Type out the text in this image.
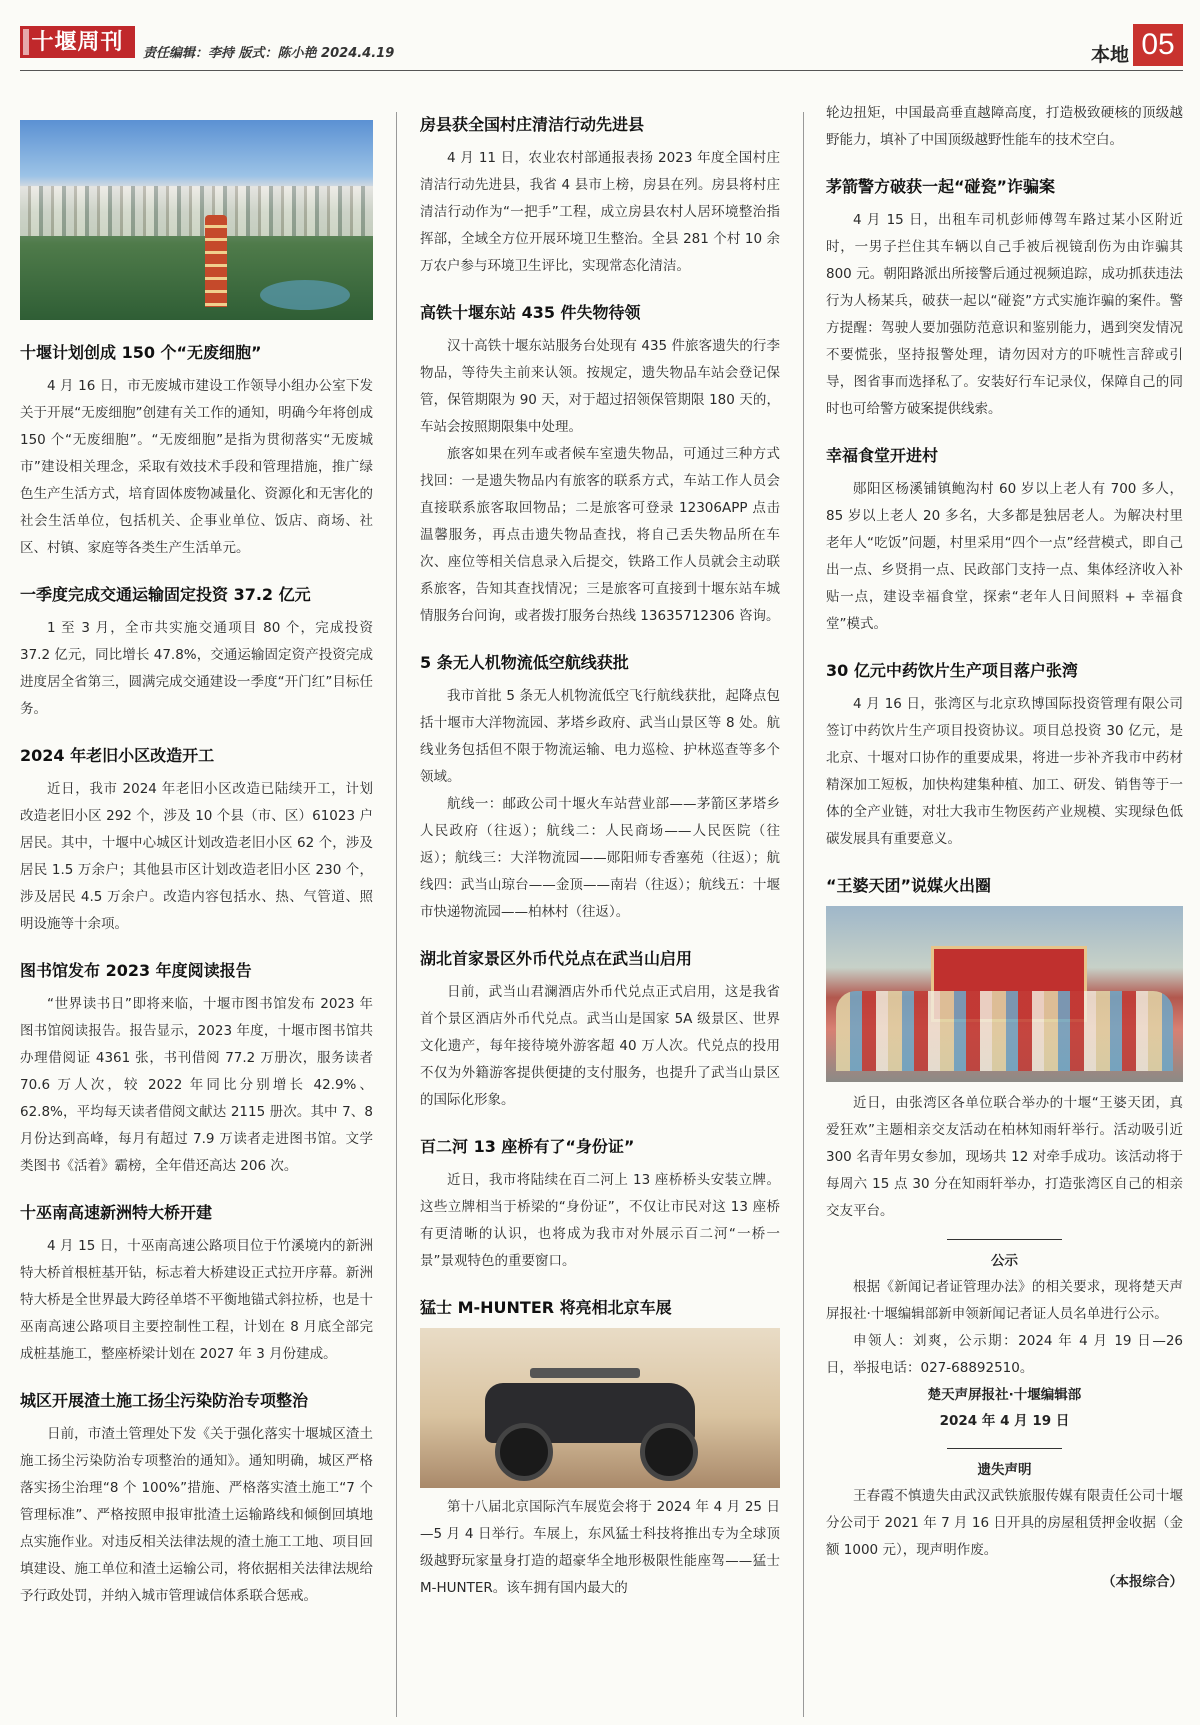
十堰周刊	责任编辑：李持 版式：陈小艳 2024.4.19	本地 05
十堰计划创成 150 个“无废细胞”

4 月 16 日，市无废城市建设工作领导小组办公室下发关于开展“无废细胞”创建有关工作的通知，明确今年将创成 150 个“无废细胞”。“无废细胞”是指为贯彻落实“无废城市”建设相关理念，采取有效技术手段和管理措施，推广绿色生产生活方式，培育固体废物减量化、资源化和无害化的社会生活单位，包括机关、企事业单位、饭店、商场、社区、村镇、家庭等各类生产生活单元。

一季度完成交通运输固定投资 37.2 亿元

1 至 3 月，全市共实施交通项目 80 个，完成投资 37.2 亿元，同比增长 47.8%，交通运输固定资产投资完成进度居全省第三，圆满完成交通建设一季度“开门红”目标任务。

2024 年老旧小区改造开工

近日，我市 2024 年老旧小区改造已陆续开工，计划改造老旧小区 292 个，涉及 10 个县（市、区）61023 户居民。其中，十堰中心城区计划改造老旧小区 62 个，涉及居民 1.5 万余户；其他县市区计划改造老旧小区 230 个，涉及居民 4.5 万余户。改造内容包括水、热、气管道、照明设施等十余项。

图书馆发布 2023 年度阅读报告

“世界读书日”即将来临，十堰市图书馆发布 2023 年图书馆阅读报告。报告显示，2023 年度，十堰市图书馆共办理借阅证 4361 张，书刊借阅 77.2 万册次，服务读者 70.6 万人次，较 2022 年同比分别增长 42.9%、62.8%，平均每天读者借阅文献达 2115 册次。其中 7、8 月份达到高峰，每月有超过 7.9 万读者走进图书馆。文学类图书《活着》霸榜，全年借还高达 206 次。

十巫南高速新洲特大桥开建

4 月 15 日，十巫南高速公路项目位于竹溪境内的新洲特大桥首根桩基开钻，标志着大桥建设正式拉开序幕。新洲特大桥是全世界最大跨径单塔不平衡地锚式斜拉桥，也是十巫南高速公路项目主要控制性工程，计划在 8 月底全部完成桩基施工，整座桥梁计划在 2027 年 3 月份建成。

城区开展渣土施工扬尘污染防治专项整治

日前，市渣土管理处下发《关于强化落实十堰城区渣土施工扬尘污染防治专项整治的通知》。通知明确，城区严格落实扬尘治理“8 个 100%”措施、严格落实渣土施工“7 个管理标准”、严格按照申报审批渣土运输路线和倾倒回填地点实施作业。对违反相关法律法规的渣土施工工地、项目回填建设、施工单位和渣土运输公司，将依据相关法律法规给予行政处罚，并纳入城市管理诚信体系联合惩戒。

房县获全国村庄清洁行动先进县

4 月 11 日，农业农村部通报表扬 2023 年度全国村庄清洁行动先进县，我省 4 县市上榜，房县在列。房县将村庄清洁行动作为“一把手”工程，成立房县农村人居环境整治指挥部，全域全方位开展环境卫生整治。全县 281 个村 10 余万农户参与环境卫生评比，实现常态化清洁。

高铁十堰东站 435 件失物待领

汉十高铁十堰东站服务台处现有 435 件旅客遗失的行李物品，等待失主前来认领。按规定，遗失物品车站会登记保管，保管期限为 90 天，对于超过招领保管期限 180 天的，车站会按照期限集中处理。

旅客如果在列车或者候车室遗失物品，可通过三种方式找回：一是遗失物品内有旅客的联系方式，车站工作人员会直接联系旅客取回物品；二是旅客可登录 12306APP 点击温馨服务，再点击遗失物品查找，将自己丢失物品所在车次、座位等相关信息录入后提交，铁路工作人员就会主动联系旅客，告知其查找情况；三是旅客可直接到十堰东站车城情服务台问询，或者拨打服务台热线 13635712306 咨询。

5 条无人机物流低空航线获批

我市首批 5 条无人机物流低空飞行航线获批，起降点包括十堰市大洋物流园、茅塔乡政府、武当山景区等 8 处。航线业务包括但不限于物流运输、电力巡检、护林巡查等多个领域。

航线一：邮政公司十堰火车站营业部——茅箭区茅塔乡人民政府（往返）；航线二：人民商场——人民医院（往返）；航线三：大洋物流园——郧阳师专香塞苑（往返）；航线四：武当山琼台——金顶——南岩（往返）；航线五：十堰市快递物流园——柏林村（往返）。

湖北首家景区外币代兑点在武当山启用

日前，武当山君澜酒店外币代兑点正式启用，这是我省首个景区酒店外币代兑点。武当山是国家 5A 级景区、世界文化遗产，每年接待境外游客超 40 万人次。代兑点的投用不仅为外籍游客提供便捷的支付服务，也提升了武当山景区的国际化形象。

百二河 13 座桥有了“身份证”

近日，我市将陆续在百二河上 13 座桥桥头安装立牌。这些立牌相当于桥梁的“身份证”，不仅让市民对这 13 座桥有更清晰的认识，也将成为我市对外展示百二河“一桥一景”景观特色的重要窗口。

猛士 M-HUNTER 将亮相北京车展

第十八届北京国际汽车展览会将于 2024 年 4 月 25 日—5 月 4 日举行。车展上，东风猛士科技将推出专为全球顶级越野玩家量身打造的超豪华全地形极限性能座驾——猛士 M-HUNTER。该车拥有国内最大的

轮边扭矩，中国最高垂直越障高度，打造极致硬核的顶级越野能力，填补了中国顶级越野性能车的技术空白。

茅箭警方破获一起“碰瓷”诈骗案

4 月 15 日，出租车司机彭师傅驾车路过某小区附近时，一男子拦住其车辆以自己手被后视镜刮伤为由诈骗其 800 元。朝阳路派出所接警后通过视频追踪，成功抓获违法行为人杨某兵，破获一起以“碰瓷”方式实施诈骗的案件。警方提醒：驾驶人要加强防范意识和鉴别能力，遇到突发情况不要慌张，坚持报警处理，请勿因对方的吓唬性言辞或引导，图省事而选择私了。安装好行车记录仪，保障自己的同时也可给警方破案提供线索。

幸福食堂开进村

郧阳区杨溪铺镇鲍沟村 60 岁以上老人有 700 多人，85 岁以上老人 20 多名，大多都是独居老人。为解决村里老年人“吃饭”问题，村里采用“四个一点”经营模式，即自己出一点、乡贤捐一点、民政部门支持一点、集体经济收入补贴一点，建设幸福食堂，探索“老年人日间照料 + 幸福食堂”模式。

30 亿元中药饮片生产项目落户张湾

4 月 16 日，张湾区与北京玖博国际投资管理有限公司签订中药饮片生产项目投资协议。项目总投资 30 亿元，是北京、十堰对口协作的重要成果，将进一步补齐我市中药材精深加工短板，加快构建集种植、加工、研发、销售等于一体的全产业链，对壮大我市生物医药产业规模、实现绿色低碳发展具有重要意义。

“王婆天团”说媒火出圈

近日，由张湾区各单位联合举办的十堰“王婆天团，真爱狂欢”主题相亲交友活动在柏林知雨轩举行。活动吸引近 300 名青年男女参加，现场共 12 对牵手成功。该活动将于每周六 15 点 30 分在知雨轩举办，打造张湾区自己的相亲交友平台。

公示

根据《新闻记者证管理办法》的相关要求，现将楚天声屏报社·十堰编辑部新申领新闻记者证人员名单进行公示。

申领人：刘爽，公示期：2024 年 4 月 19 日—26 日，举报电话：027-68892510。

楚天声屏报社·十堰编辑部

2024 年 4 月 19 日

遗失声明

王春霞不慎遗失由武汉武铁旅服传媒有限责任公司十堰分公司于 2021 年 7 月 16 日开具的房屋租赁押金收据（金额 1000 元），现声明作废。

（本报综合）
